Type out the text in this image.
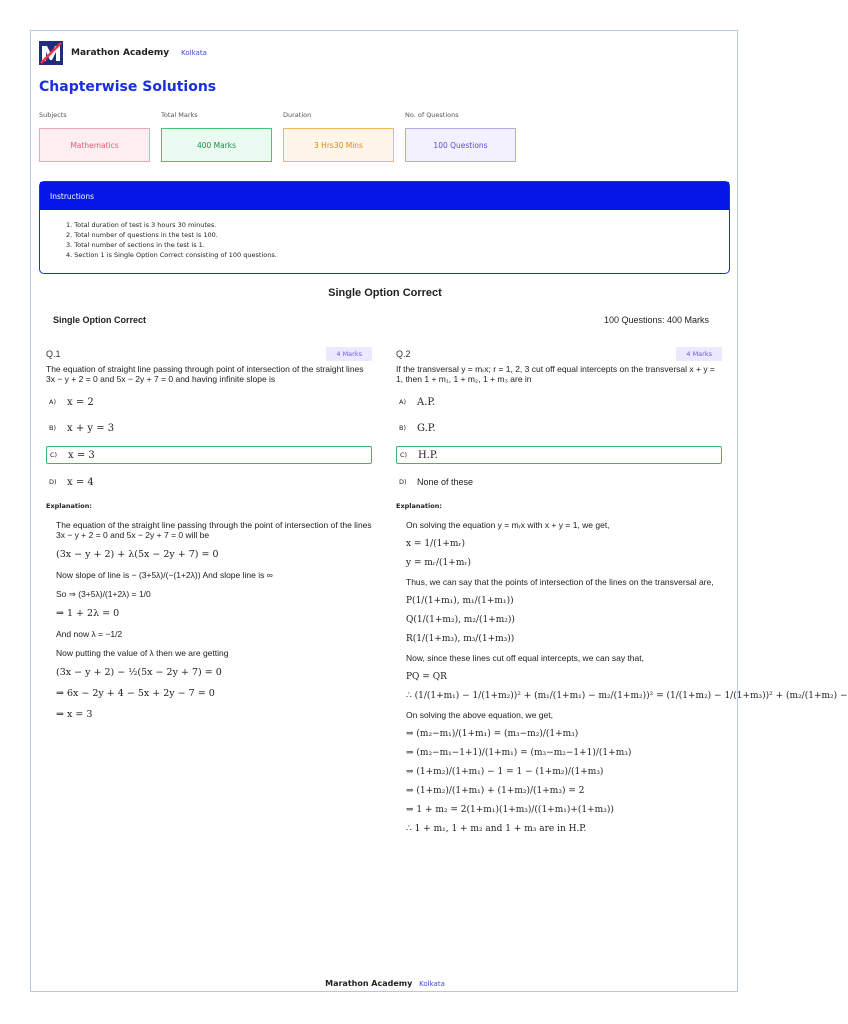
Marathon Academy Kolkata
Chapterwise Solutions
Subjects
Mathematics
Total Marks
400 Marks
Duration
3 Hrs30 Mins
No. of Questions
100 Questions
Instructions
1. Total duration of test is 3 hours 30 minutes.
2. Total number of questions in the test is 100.
3. Total number of sections in the test is 1.
4. Section 1 is Single Option Correct consisting of 100 questions.
Single Option Correct
Single Option Correct	100 Questions: 400 Marks
Q.1	4 Marks
The equation of straight line passing through point of intersection of the straight lines 3x − y + 2 = 0 and 5x − 2y + 7 = 0 and having infinite slope is
A)	x = 2
B)	x + y = 3
C)	x = 3
D)	x = 4
Explanation:
The equation of the straight line passing through the point of intersection of the lines 3x − y + 2 = 0 and 5x − 2y + 7 = 0 will be
(3x − y + 2) + λ(5x − 2y + 7) = 0
Now slope of line is − (3+5λ)/(−(1+2λ)) And slope line is ∞
So ⇒ (3+5λ)/(1+2λ) = 1/0
⇒ 1 + 2λ = 0
And now λ = −1/2
Now putting the value of λ then we are getting
(3x − y + 2) − ½(5x − 2y + 7) = 0
⇒ 6x − 2y + 4 − 5x + 2y − 7 = 0
⇒ x = 3
Q.2	4 Marks
If the transversal y = mᵣx; r = 1, 2, 3 cut off equal intercepts on the transversal x + y = 1, then 1 + m₁, 1 + m₂, 1 + m₃ are in
A)	A.P.
B)	G.P.
C)	H.P.
D)	None of these
Explanation:
On solving the equation y = mᵣx with x + y = 1, we get,
x = 1/(1+mᵣ)
y = mᵣ/(1+mᵣ)
Thus, we can say that the points of intersection of the lines on the transversal are,
P(1/(1+m₁), m₁/(1+m₁))
Q(1/(1+m₂), m₂/(1+m₂))
R(1/(1+m₃), m₃/(1+m₃))
Now, since these lines cut off equal intercepts, we can say that,
PQ = QR
∴ (1/(1+m₁) − 1/(1+m₂))² + (m₁/(1+m₁) − m₂/(1+m₂))² = (1/(1+m₂) − 1/(1+m₃))² + (m₂/(1+m₂) −
On solving the above equation, we get,
⇒ (m₂−m₁)/(1+m₁) = (m₃−m₂)/(1+m₃)
⇒ (m₂−m₁−1+1)/(1+m₁) = (m₃−m₂−1+1)/(1+m₃)
⇒ (1+m₂)/(1+m₁) − 1 = 1 − (1+m₂)/(1+m₃)
⇒ (1+m₂)/(1+m₁) + (1+m₂)/(1+m₃) = 2
⇒ 1 + m₂ = 2(1+m₁)(1+m₃)/((1+m₁)+(1+m₃))
∴ 1 + m₁, 1 + m₂ and 1 + m₃ are in H.P.
Marathon Academy Kolkata
